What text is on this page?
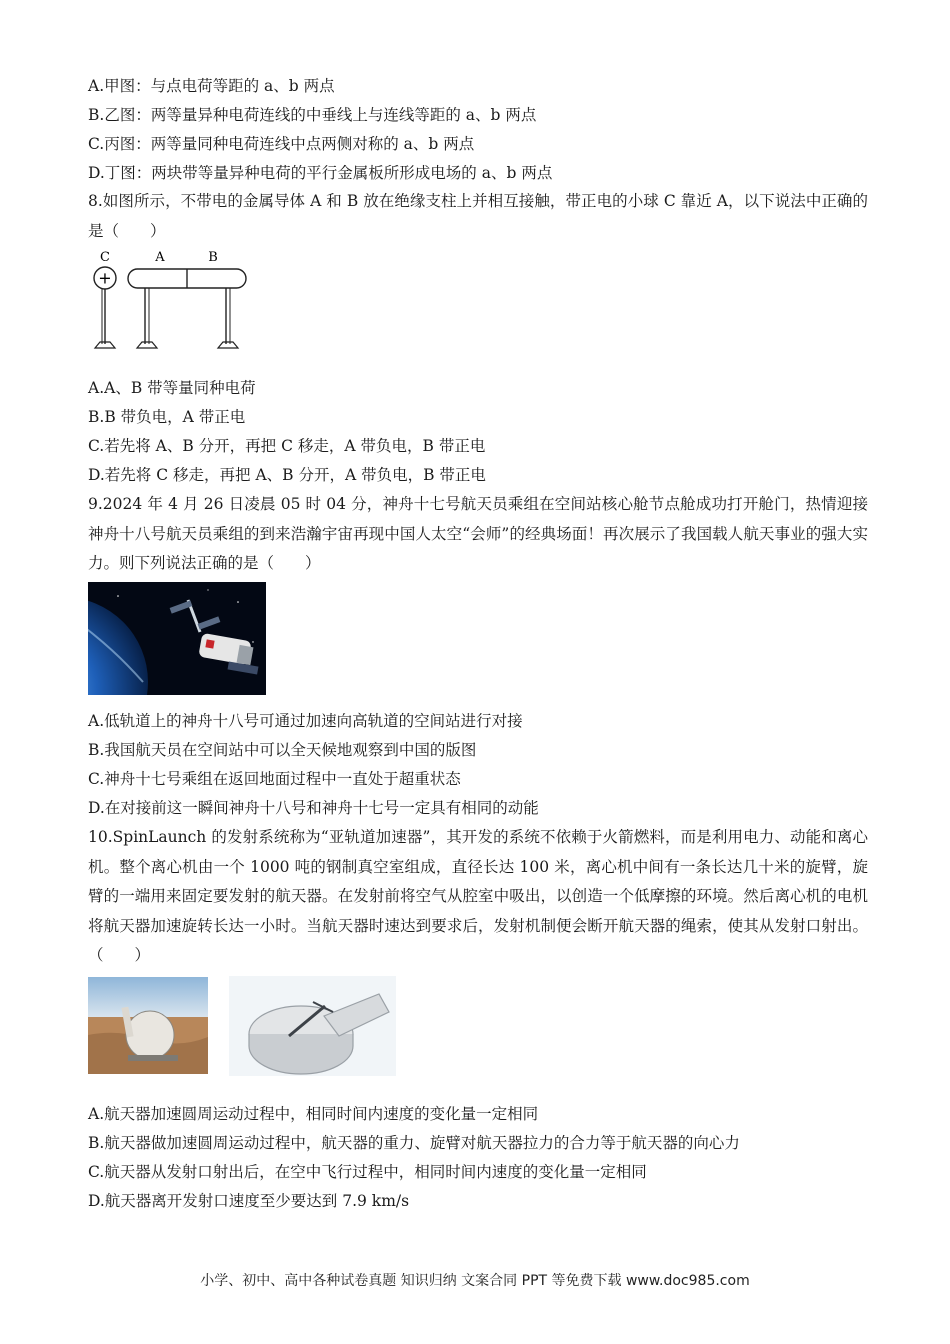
A.甲图：与点电荷等距的 a、b 两点
B.乙图：两等量异种电荷连线的中垂线上与连线等距的 a、b 两点
C.丙图：两等量同种电荷连线中点两侧对称的 a、b 两点
D.丁图：两块带等量异种电荷的平行金属板所形成电场的 a、b 两点
8.如图所示，不带电的金属导体 A 和 B 放在绝缘支柱上并相互接触，带正电的小球 C 靠近 A，以下说法中正确的是（　　）
C	A	B
+
A.A、B 带等量同种电荷
B.B 带负电，A 带正电
C.若先将 A、B 分开，再把 C 移走，A 带负电，B 带正电
D.若先将 C 移走，再把 A、B 分开，A 带负电，B 带正电
9.2024 年 4 月 26 日凌晨 05 时 04 分，神舟十七号航天员乘组在空间站核心舱节点舱成功打开舱门，热情迎接神舟十八号航天员乘组的到来浩瀚宇宙再现中国人太空“会师”的经典场面！再次展示了我国载人航天事业的强大实力。则下列说法正确的是（　　）
A.低轨道上的神舟十八号可通过加速向高轨道的空间站进行对接
B.我国航天员在空间站中可以全天候地观察到中国的版图
C.神舟十七号乘组在返回地面过程中一直处于超重状态
D.在对接前这一瞬间神舟十八号和神舟十七号一定具有相同的动能
10.SpinLaunch 的发射系统称为“亚轨道加速器”，其开发的系统不依赖于火箭燃料，而是利用电力、动能和离心机。整个离心机由一个 1000 吨的钢制真空室组成，直径长达 100 米，离心机中间有一条长达几十米的旋臂，旋臂的一端用来固定要发射的航天器。在发射前将空气从腔室中吸出，以创造一个低摩擦的环境。然后离心机的电机将航天器加速旋转长达一小时。当航天器时速达到要求后，发射机制便会断开航天器的绳索，使其从发射口射出。（　　）
A.航天器加速圆周运动过程中，相同时间内速度的变化量一定相同
B.航天器做加速圆周运动过程中，航天器的重力、旋臂对航天器拉力的合力等于航天器的向心力
C.航天器从发射口射出后，在空中飞行过程中，相同时间内速度的变化量一定相同
D.航天器离开发射口速度至少要达到 7.9 km/s
小学、初中、高中各种试卷真题 知识归纳 文案合同 PPT 等免费下载 www.doc985.com
